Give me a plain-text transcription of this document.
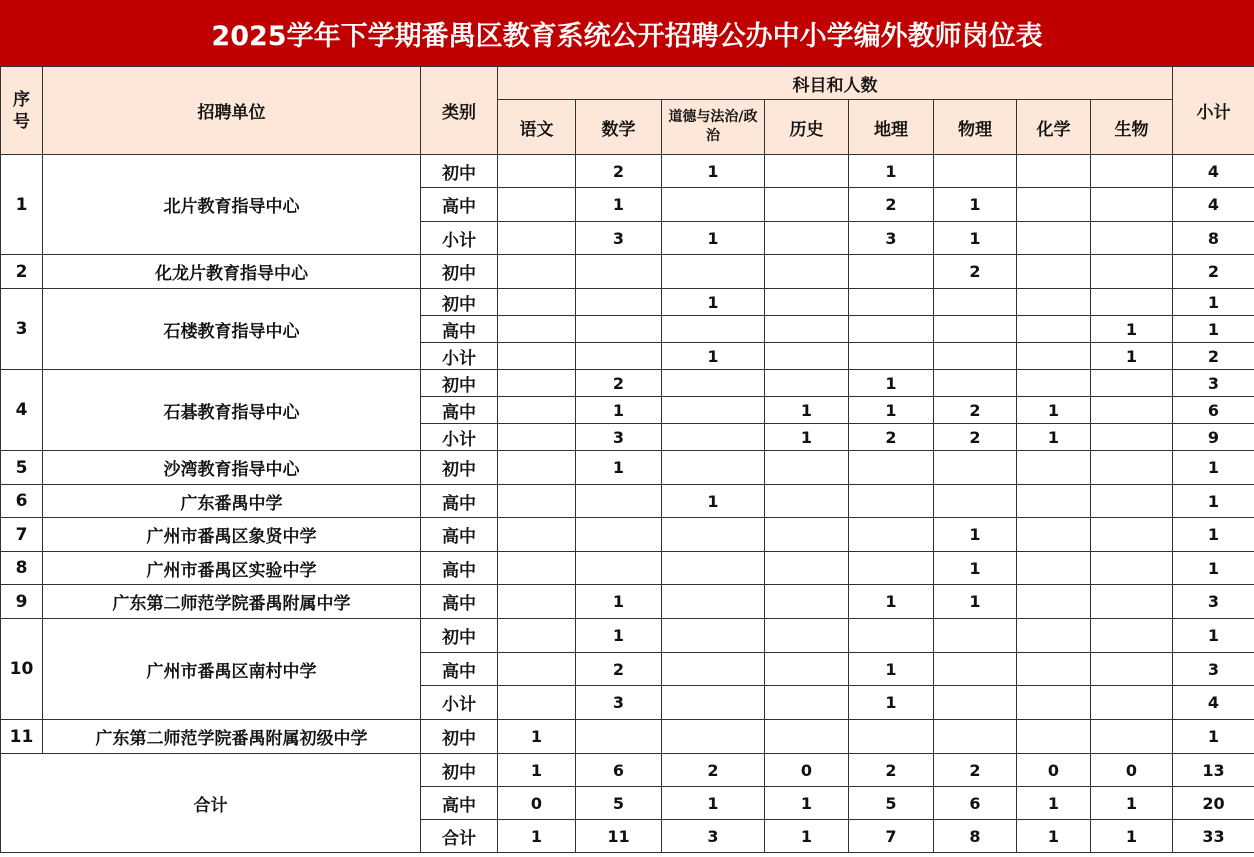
2025学年下学期番禺区教育系统公开招聘公办中小学编外教师岗位表
序号	招聘单位	类别	科目和人数								小计
			语文	数学	道德与法治/政治	历史	地理	物理	化学	生物	
1	北片教育指导中心	初中		2	1		1				4
		高中		1			2	1			4
		小计		3	1		3	1			8
2	化龙片教育指导中心	初中						2			2
3	石楼教育指导中心	初中			1						1
		高中								1	1
		小计			1					1	2
4	石碁教育指导中心	初中		2			1				3
		高中		1		1	1	2	1		6
		小计		3		1	2	2	1		9
5	沙湾教育指导中心	初中		1							1
6	广东番禺中学	高中			1						1
7	广州市番禺区象贤中学	高中						1			1
8	广州市番禺区实验中学	高中						1			1
9	广东第二师范学院番禺附属中学	高中		1			1	1			3
10	广州市番禺区南村中学	初中		1							1
		高中		2			1				3
		小计		3			1				4
11	广东第二师范学院番禺附属初级中学	初中	1								1
合计		初中	1	6	2	0	2	2	0	0	13
		高中	0	5	1	1	5	6	1	1	20
		合计	1	11	3	1	7	8	1	1	33
